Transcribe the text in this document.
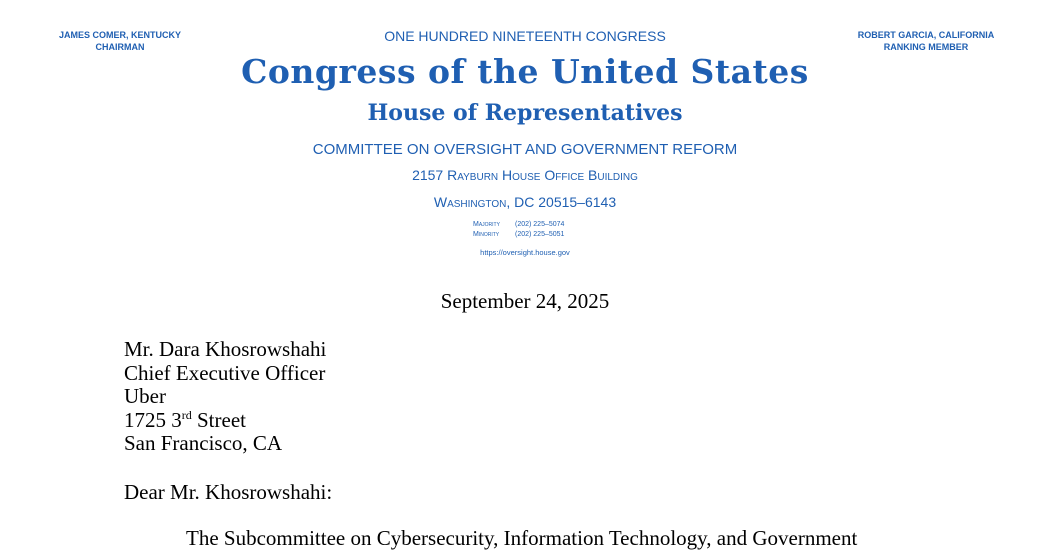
JAMES COMER, KENTUCKY
CHAIRMAN
ROBERT GARCIA, CALIFORNIA
RANKING MEMBER
ONE HUNDRED NINETEENTH CONGRESS
Congress of the United States
House of Representatives
COMMITTEE ON OVERSIGHT AND GOVERNMENT REFORM
2157 Rayburn House Office Building
Washington, DC 20515–6143
Majority (202) 225–5074
Minority (202) 225–5051
https://oversight.house.gov
September 24, 2025
Mr. Dara Khosrowshahi
Chief Executive Officer
Uber
1725 3rd Street
San Francisco, CA
Dear Mr. Khosrowshahi:
The Subcommittee on Cybersecurity, Information Technology, and Government
